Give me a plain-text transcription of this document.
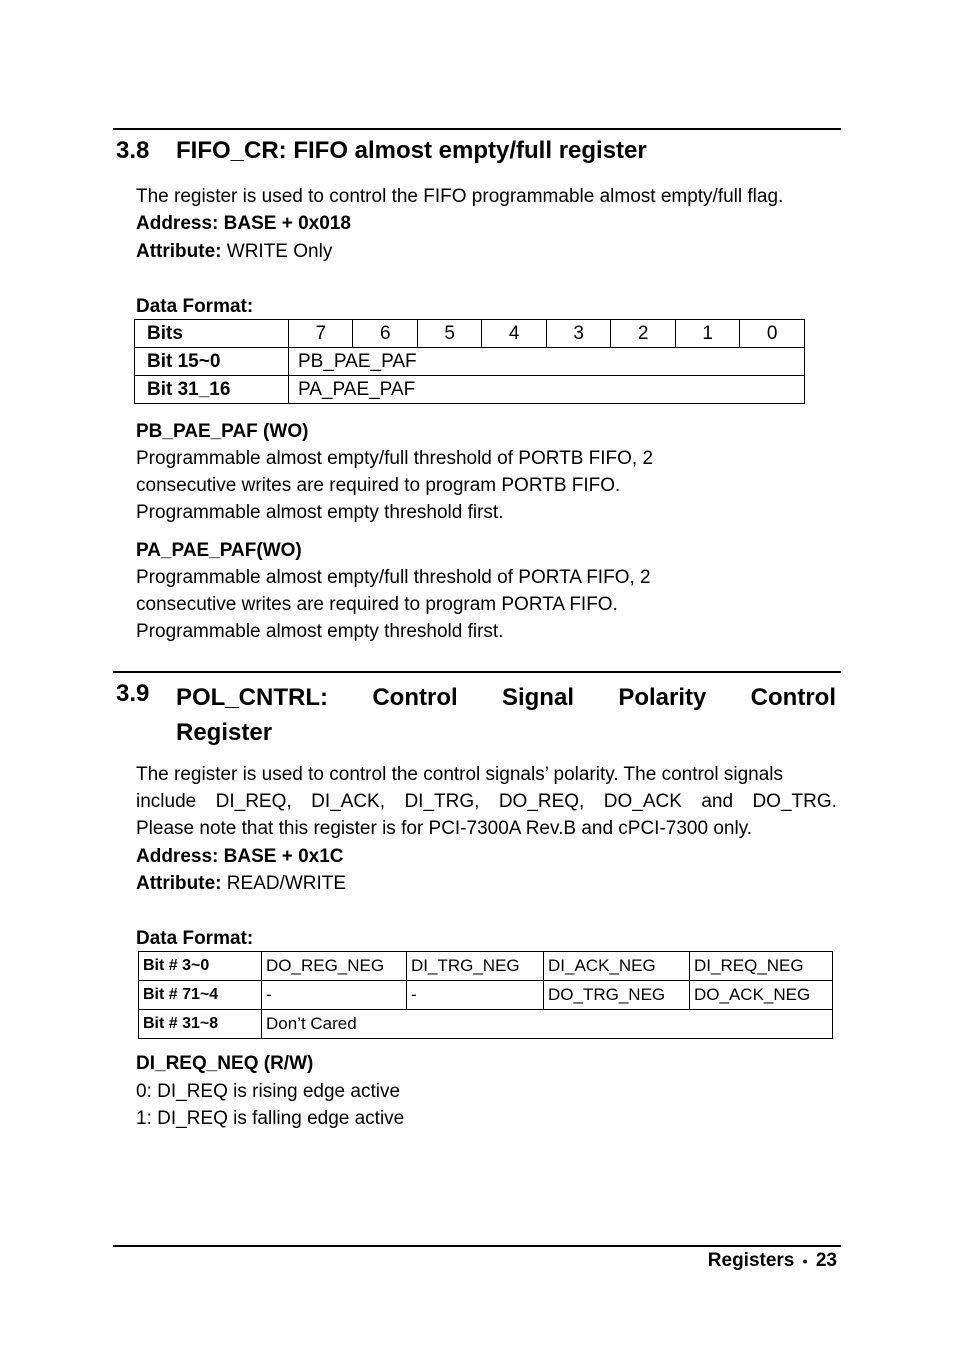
3.8 FIFO_CR: FIFO almost empty/full register
The register is used to control the FIFO programmable almost empty/full flag.
Address: BASE + 0x018
Attribute: WRITE Only
Data Format:
Bits	7	6	5	4	3	2	1	0
Bit 15~0	PB_PAE_PAF							
Bit 31_16	PA_PAE_PAF							
PB_PAE_PAF (WO)
Programmable almost empty/full threshold of PORTB FIFO, 2
consecutive writes are required to program PORTB FIFO.
Programmable almost empty threshold first.
PA_PAE_PAF(WO)
Programmable almost empty/full threshold of PORTA FIFO, 2
consecutive writes are required to program PORTA FIFO.
Programmable almost empty threshold first.
3.9 POL_CNTRL: Control Signal Polarity Control
Register
The register is used to control the control signals’ polarity. The control signals
include DI_REQ, DI_ACK, DI_TRG, DO_REQ, DO_ACK and DO_TRG.
Please note that this register is for PCI-7300A Rev.B and cPCI-7300 only.
Address: BASE + 0x1C
Attribute: READ/WRITE
Data Format:
Bit # 3~0	DO_REG_NEG	DI_TRG_NEG	DI_ACK_NEG	DI_REQ_NEG
Bit # 71~4	-	-	DO_TRG_NEG	DO_ACK_NEG
Bit # 31~8	Don’t Cared			
DI_REQ_NEQ (R/W)
0: DI_REQ is rising edge active
1: DI_REQ is falling edge active
Registers • 23
